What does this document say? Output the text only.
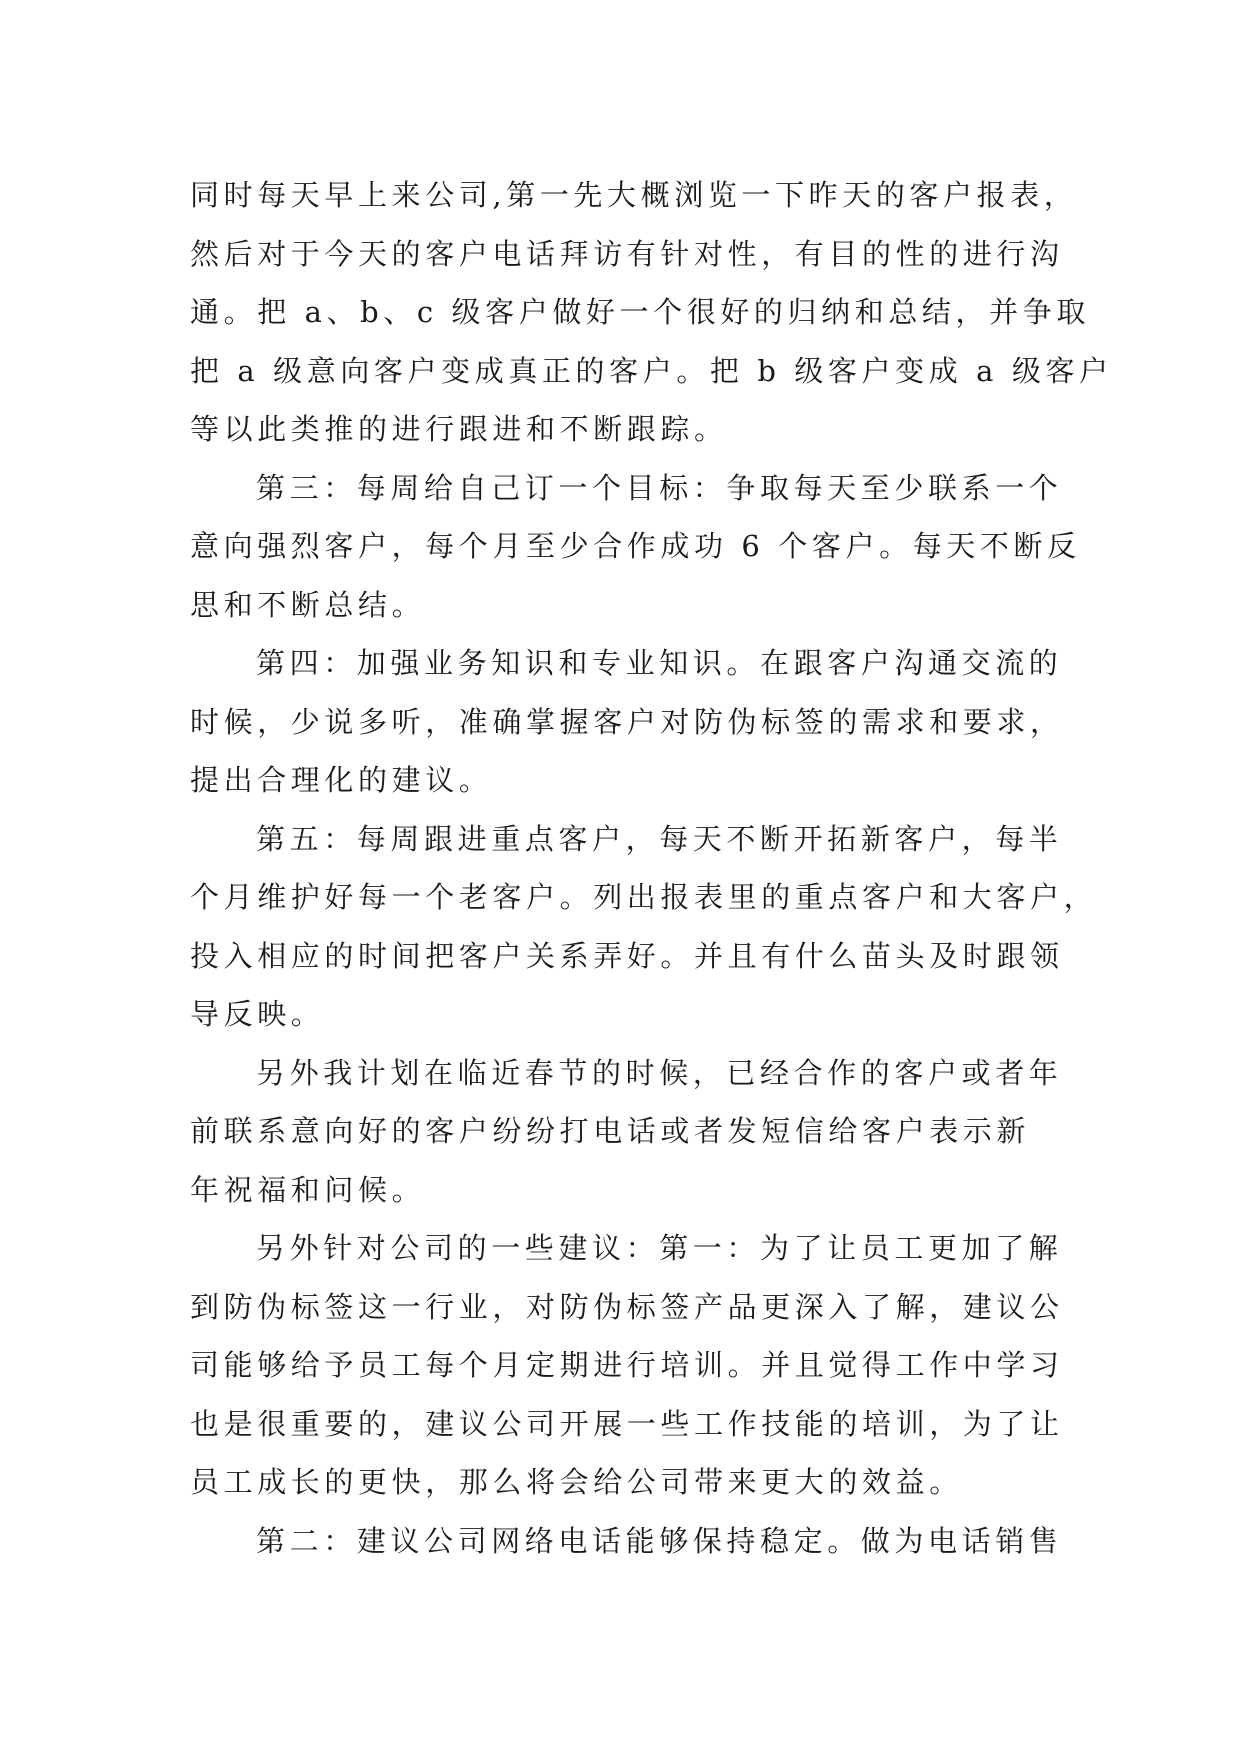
同时每天早上来公司,第一先大概浏览一下昨天的客户报表，
然后对于今天的客户电话拜访有针对性，有目的性的进行沟
通。把 a、b、c 级客户做好一个很好的归纳和总结，并争取
把 a 级意向客户变成真正的客户。把 b 级客户变成 a 级客户
等以此类推的进行跟进和不断跟踪。
第三：每周给自己订一个目标：争取每天至少联系一个
意向强烈客户，每个月至少合作成功 6 个客户。每天不断反
思和不断总结。
第四：加强业务知识和专业知识。在跟客户沟通交流的
时候，少说多听，准确掌握客户对防伪标签的需求和要求，
提出合理化的建议。
第五：每周跟进重点客户，每天不断开拓新客户，每半
个月维护好每一个老客户。列出报表里的重点客户和大客户，
投入相应的时间把客户关系弄好。并且有什么苗头及时跟领
导反映。
另外我计划在临近春节的时候，已经合作的客户或者年
前联系意向好的客户纷纷打电话或者发短信给客户表示新
年祝福和问候。
另外针对公司的一些建议：第一：为了让员工更加了解
到防伪标签这一行业，对防伪标签产品更深入了解，建议公
司能够给予员工每个月定期进行培训。并且觉得工作中学习
也是很重要的，建议公司开展一些工作技能的培训，为了让
员工成长的更快，那么将会给公司带来更大的效益。
第二：建议公司网络电话能够保持稳定。做为电话销售
